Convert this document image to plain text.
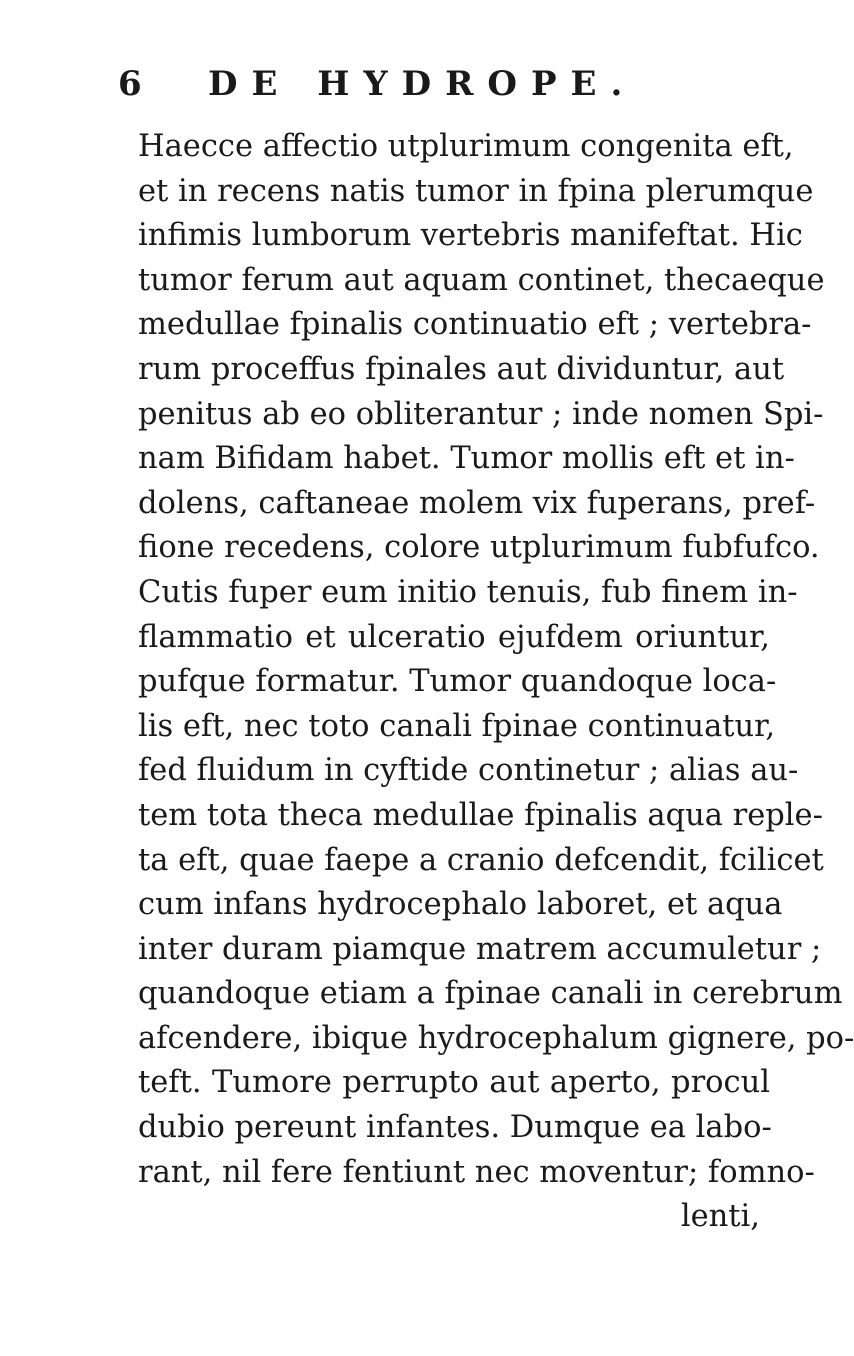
6 DE HYDROPE.
Haecce affectio utplurimum congenita eft,
et in recens natis tumor in fpina plerumque
infimis lumborum vertebris manifeftat. Hic
tumor ferum aut aquam continet, thecaeque
medullae fpinalis continuatio eft ; vertebra-
rum proceffus fpinales aut dividuntur, aut
penitus ab eo obliterantur ; inde nomen Spi-
nam Bifidam habet. Tumor mollis eft et in-
dolens, caftaneae molem vix fuperans, pref-
fione recedens, colore utplurimum fubfufco.
Cutis fuper eum initio tenuis, fub finem in-
flammatio et ulceratio ejufdem oriuntur,
pufque formatur. Tumor quandoque loca-
lis eft, nec toto canali fpinae continuatur,
fed fluidum in cyftide continetur ; alias au-
tem tota theca medullae fpinalis aqua reple-
ta eft, quae faepe a cranio defcendit, fcilicet
cum infans hydrocephalo laboret, et aqua
inter duram piamque matrem accumuletur ;
quandoque etiam a fpinae canali in cerebrum
afcendere, ibique hydrocephalum gignere, po-
teft. Tumore perrupto aut aperto, procul
dubio pereunt infantes. Dumque ea labo-
rant, nil fere fentiunt nec moventur; fomno-
lenti,
